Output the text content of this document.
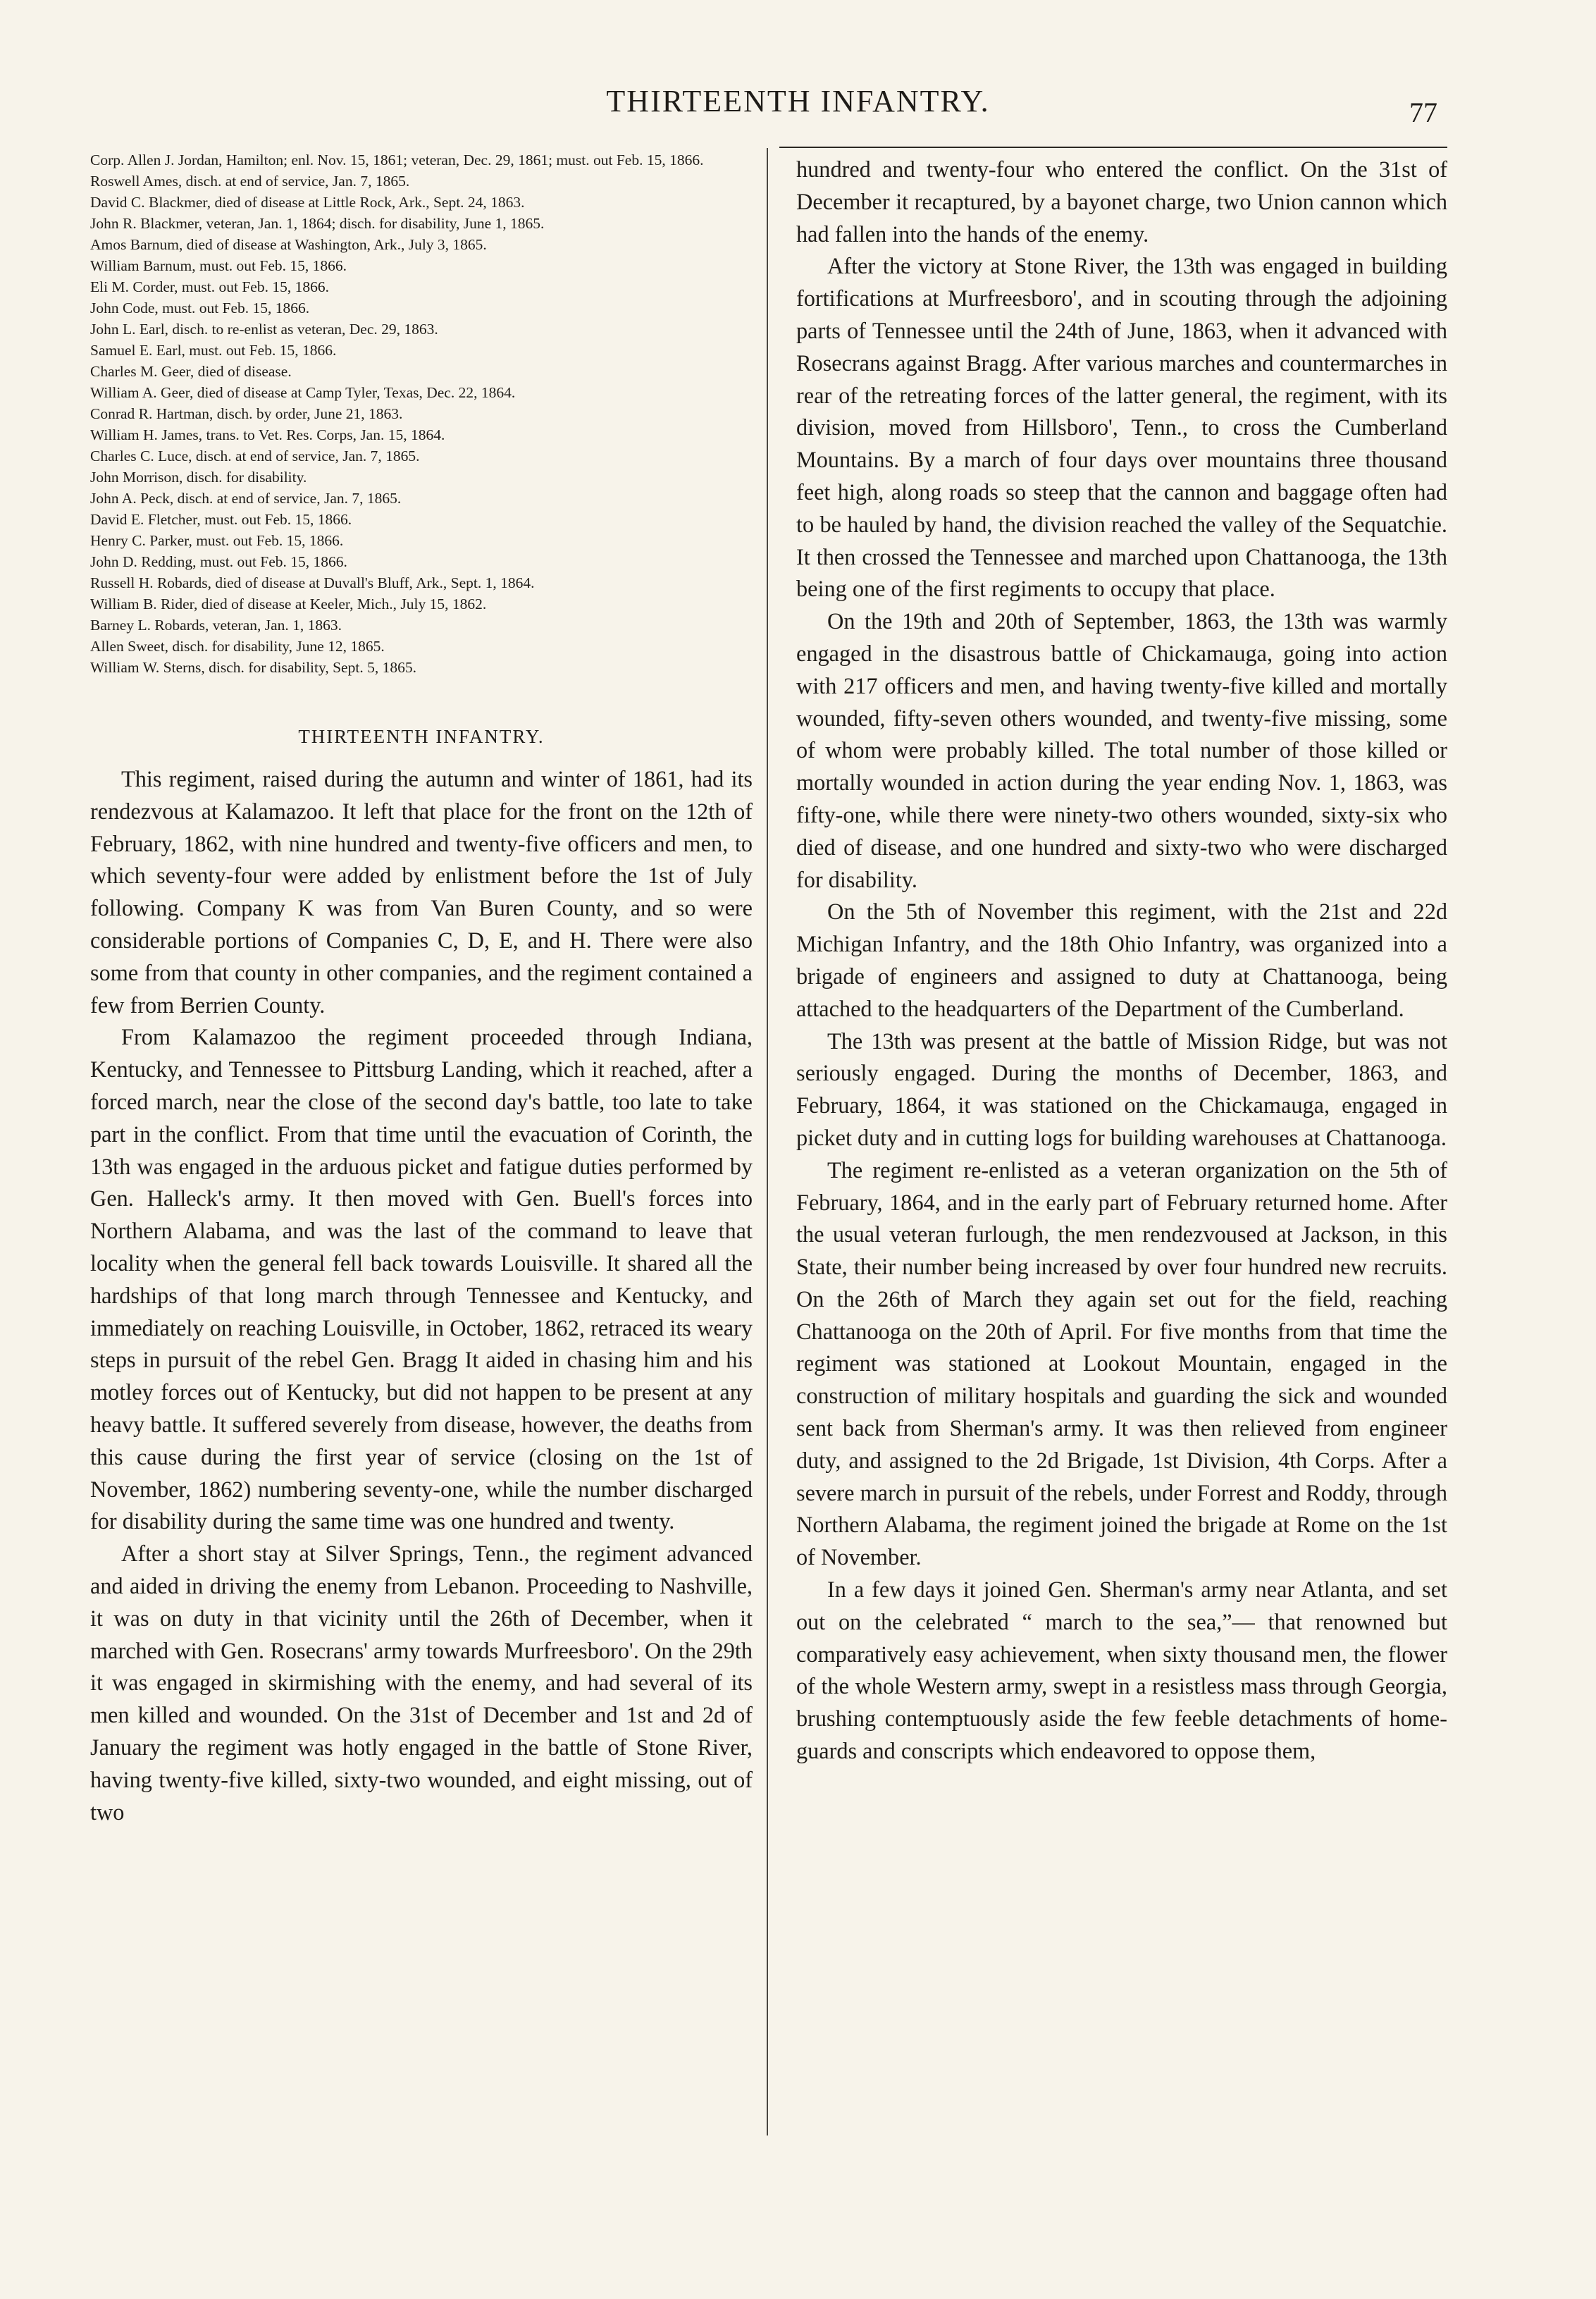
THIRTEENTH INFANTRY.	77
Corp. Allen J. Jordan, Hamilton; enl. Nov. 15, 1861; veteran, Dec. 29, 1861; must. out Feb. 15, 1866.
Roswell Ames, disch. at end of service, Jan. 7, 1865.
David C. Blackmer, died of disease at Little Rock, Ark., Sept. 24, 1863.
John R. Blackmer, veteran, Jan. 1, 1864; disch. for disability, June 1, 1865.
Amos Barnum, died of disease at Washington, Ark., July 3, 1865.
William Barnum, must. out Feb. 15, 1866.
Eli M. Corder, must. out Feb. 15, 1866.
John Code, must. out Feb. 15, 1866.
John L. Earl, disch. to re-enlist as veteran, Dec. 29, 1863.
Samuel E. Earl, must. out Feb. 15, 1866.
Charles M. Geer, died of disease.
William A. Geer, died of disease at Camp Tyler, Texas, Dec. 22, 1864.
Conrad R. Hartman, disch. by order, June 21, 1863.
William H. James, trans. to Vet. Res. Corps, Jan. 15, 1864.
Charles C. Luce, disch. at end of service, Jan. 7, 1865.
John Morrison, disch. for disability.
John A. Peck, disch. at end of service, Jan. 7, 1865.
David E. Fletcher, must. out Feb. 15, 1866.
Henry C. Parker, must. out Feb. 15, 1866.
John D. Redding, must. out Feb. 15, 1866.
Russell H. Robards, died of disease at Duvall's Bluff, Ark., Sept. 1, 1864.
William B. Rider, died of disease at Keeler, Mich., July 15, 1862.
Barney L. Robards, veteran, Jan. 1, 1863.
Allen Sweet, disch. for disability, June 12, 1865.
William W. Sterns, disch. for disability, Sept. 5, 1865.
THIRTEENTH INFANTRY.

This regiment, raised during the autumn and winter of 1861, had its rendezvous at Kalamazoo. It left that place for the front on the 12th of February, 1862, with nine hundred and twenty-five officers and men, to which seventy-four were added by enlistment before the 1st of July following. Company K was from Van Buren County, and so were considerable portions of Companies C, D, E, and H. There were also some from that county in other companies, and the regiment contained a few from Berrien County.

From Kalamazoo the regiment proceeded through Indiana, Kentucky, and Tennessee to Pittsburg Landing, which it reached, after a forced march, near the close of the second day's battle, too late to take part in the conflict. From that time until the evacuation of Corinth, the 13th was engaged in the arduous picket and fatigue duties performed by Gen. Halleck's army. It then moved with Gen. Buell's forces into Northern Alabama, and was the last of the command to leave that locality when the general fell back towards Louisville. It shared all the hardships of that long march through Tennessee and Kentucky, and immediately on reaching Louisville, in October, 1862, retraced its weary steps in pursuit of the rebel Gen. Bragg It aided in chasing him and his motley forces out of Kentucky, but did not happen to be present at any heavy battle. It suffered severely from disease, however, the deaths from this cause during the first year of service (closing on the 1st of November, 1862) numbering seventy-one, while the number discharged for disability during the same time was one hundred and twenty.

After a short stay at Silver Springs, Tenn., the regiment advanced and aided in driving the enemy from Lebanon. Proceeding to Nashville, it was on duty in that vicinity until the 26th of December, when it marched with Gen. Rosecrans' army towards Murfreesboro'. On the 29th it was engaged in skirmishing with the enemy, and had several of its men killed and wounded. On the 31st of December and 1st and 2d of January the regiment was hotly engaged in the battle of Stone River, having twenty-five killed, sixty-two wounded, and eight missing, out of two

hundred and twenty-four who entered the conflict. On the 31st of December it recaptured, by a bayonet charge, two Union cannon which had fallen into the hands of the enemy.

After the victory at Stone River, the 13th was engaged in building fortifications at Murfreesboro', and in scouting through the adjoining parts of Tennessee until the 24th of June, 1863, when it advanced with Rosecrans against Bragg. After various marches and countermarches in rear of the retreating forces of the latter general, the regiment, with its division, moved from Hillsboro', Tenn., to cross the Cumberland Mountains. By a march of four days over mountains three thousand feet high, along roads so steep that the cannon and baggage often had to be hauled by hand, the division reached the valley of the Sequatchie. It then crossed the Tennessee and marched upon Chattanooga, the 13th being one of the first regiments to occupy that place.

On the 19th and 20th of September, 1863, the 13th was warmly engaged in the disastrous battle of Chickamauga, going into action with 217 officers and men, and having twenty-five killed and mortally wounded, fifty-seven others wounded, and twenty-five missing, some of whom were probably killed. The total number of those killed or mortally wounded in action during the year ending Nov. 1, 1863, was fifty-one, while there were ninety-two others wounded, sixty-six who died of disease, and one hundred and sixty-two who were discharged for disability.

On the 5th of November this regiment, with the 21st and 22d Michigan Infantry, and the 18th Ohio Infantry, was organized into a brigade of engineers and assigned to duty at Chattanooga, being attached to the headquarters of the Department of the Cumberland.

The 13th was present at the battle of Mission Ridge, but was not seriously engaged. During the months of December, 1863, and February, 1864, it was stationed on the Chickamauga, engaged in picket duty and in cutting logs for building warehouses at Chattanooga.

The regiment re-enlisted as a veteran organization on the 5th of February, 1864, and in the early part of February returned home. After the usual veteran furlough, the men rendezvoused at Jackson, in this State, their number being increased by over four hundred new recruits. On the 26th of March they again set out for the field, reaching Chattanooga on the 20th of April. For five months from that time the regiment was stationed at Lookout Mountain, engaged in the construction of military hospitals and guarding the sick and wounded sent back from Sherman's army. It was then relieved from engineer duty, and assigned to the 2d Brigade, 1st Division, 4th Corps. After a severe march in pursuit of the rebels, under Forrest and Roddy, through Northern Alabama, the regiment joined the brigade at Rome on the 1st of November.

In a few days it joined Gen. Sherman's army near Atlanta, and set out on the celebrated “ march to the sea,”— that renowned but comparatively easy achievement, when sixty thousand men, the flower of the whole Western army, swept in a resistless mass through Georgia, brushing contemptuously aside the few feeble detachments of home-guards and conscripts which endeavored to oppose them,
